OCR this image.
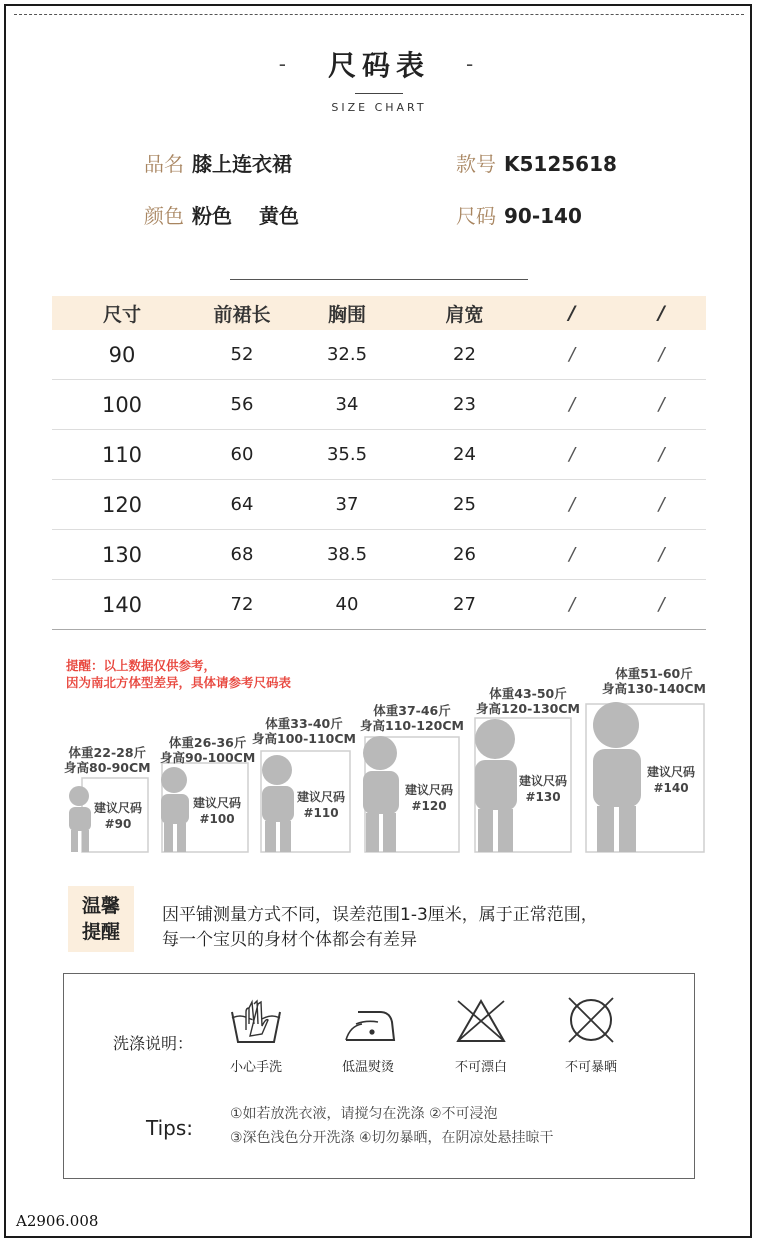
- 尺码表 -
SIZE CHART
品名 膝上连衣裙	款号 K5125618
颜色 粉色　 黄色	尺码 90-140
尺寸	前裙长	胸围	肩宽	/	/
90	52	32.5	22	/	/
100	56	34	23	/	/
110	60	35.5	24	/	/
120	64	37	25	/	/
130	68	38.5	26	/	/
140	72	40	27	/	/
提醒：以上数据仅供参考，
因为南北方体型差异，具体请参考尺码表
体重22-28斤
身高80-90CM
体重26-36斤
身高90-100CM
体重33-40斤
身高100-110CM
体重37-46斤
身高110-120CM
体重43-50斤
身高120-130CM
体重51-60斤
身高130-140CM
建议尺码
#90
建议尺码
#100
建议尺码
#110
建议尺码
#120
建议尺码
#130
建议尺码
#140
温馨
提醒
因平铺测量方式不同，误差范围1-3厘米，属于正常范围，
每一个宝贝的身材个体都会有差异
洗涤说明：
小心手洗	低温熨烫	不可漂白	不可暴晒
Tips:
①如若放洗衣液，请搅匀在洗涤 ②不可浸泡
③深色浅色分开洗涤 ④切勿暴晒，在阴凉处悬挂晾干
A2906.008
